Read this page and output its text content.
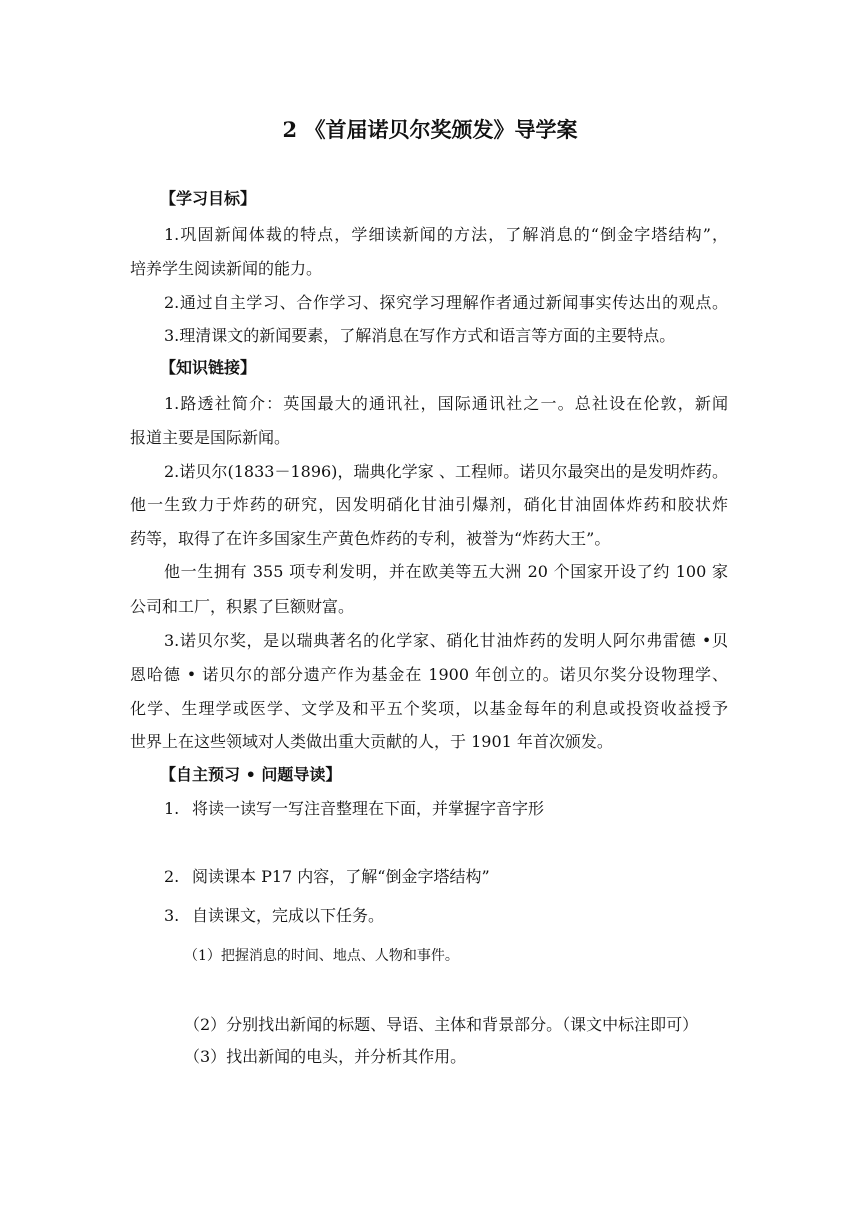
2 《首届诺贝尔奖颁发》导学案

【学习目标】

1.巩固新闻体裁的特点，学细读新闻的方法，了解消息的“倒金字塔结构”，

培养学生阅读新闻的能力。

2.通过自主学习、合作学习、探究学习理解作者通过新闻事实传达出的观点。

3.理清课文的新闻要素，了解消息在写作方式和语言等方面的主要特点。

【知识链接】

1.路透社简介：英国最大的通讯社，国际通讯社之一。总社设在伦敦，新闻

报道主要是国际新闻。

2.诺贝尔(1833－1896)，瑞典化学家 、工程师。诺贝尔最突出的是发明炸药。

他一生致力于炸药的研究，因发明硝化甘油引爆剂，硝化甘油固体炸药和胶状炸

药等，取得了在许多国家生产黄色炸药的专利，被誉为“炸药大王”。

他一生拥有 355 项专利发明，并在欧美等五大洲 20 个国家开设了约 100 家

公司和工厂，积累了巨额财富。

3.诺贝尔奖，是以瑞典著名的化学家、硝化甘油炸药的发明人阿尔弗雷德 •贝

恩哈德 • 诺贝尔的部分遗产作为基金在 1900 年创立的。诺贝尔奖分设物理学、

化学、生理学或医学、文学及和平五个奖项，以基金每年的利息或投资收益授予

世界上在这些领域对人类做出重大贡献的人，于 1901 年首次颁发。

【自主预习 • 问题导读】

1. 将读一读写一写注音整理在下面，并掌握字音字形

2. 阅读课本 P17 内容，了解“倒金字塔结构”

3. 自读课文，完成以下任务。

（1）把握消息的时间、地点、人物和事件。

（2）分别找出新闻的标题、导语、主体和背景部分。（课文中标注即可）

（3）找出新闻的电头，并分析其作用。
